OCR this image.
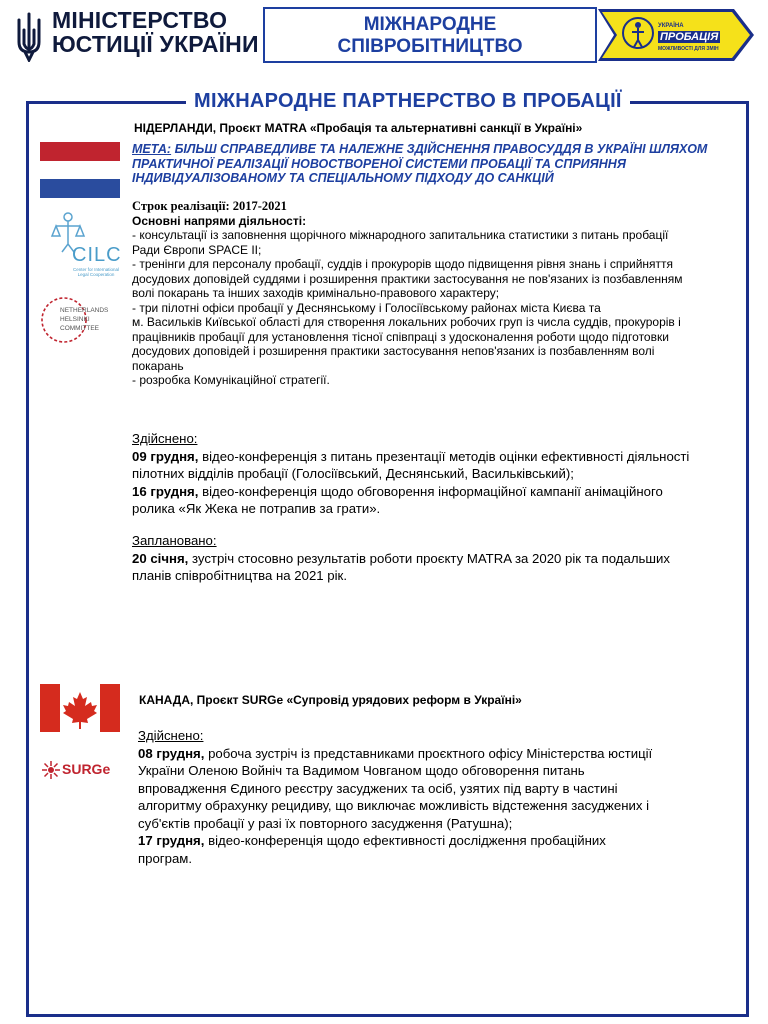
МІНІСТЕРСТВО
ЮСТИЦІЇ УКРАЇНИ
МІЖНАРОДНЕ
СПІВРОБІТНИЦТВО
УКРАЇНА
ПРОБАЦІЯ
МОЖЛИВОСТІ ДЛЯ ЗМІН
МІЖНАРОДНЕ ПАРТНЕРСТВО В ПРОБАЦІЇ
НІДЕРЛАНДИ, Проєкт MATRA «Пробація та альтернативні санкції в Україні»
МЕТА: БІЛЬШ СПРАВЕДЛИВЕ ТА НАЛЕЖНЕ ЗДІЙСНЕННЯ ПРАВОСУДДЯ В УКРАЇНІ ШЛЯХОМ
ПРАКТИЧНОЇ РЕАЛІЗАЦІЇ НОВОСТВОРЕНОЇ СИСТЕМИ ПРОБАЦІЇ ТА СПРИЯННЯ
ІНДИВІДУАЛІЗОВАНОМУ ТА СПЕЦІАЛЬНОМУ ПІДХОДУ ДО САНКЦІЙ
CILC
Center for International Legal Cooperation
NETHERLANDS
HELSINKI
COMMITTEE
Строк реалізації: 2017-2021
Основні напрями діяльності:
- консультації із заповнення щорічного міжнародного запитальника статистики з питань пробації
Ради Європи SPACE ІІ;
- тренінги для персоналу пробації, суддів і прокурорів щодо підвищення рівня знань і сприйняття
досудових доповідей суддями і розширення практики застосування не пов'язаних із позбавленням
волі покарань та інших заходів кримінально-правового характеру;
- три пілотні офіси пробації у Деснянському і Голосіївському районах міста Києва та
м. Васильків Київської області для створення локальних робочих груп із числа суддів, прокурорів і
працівників пробації для установлення тісної співпраці з удосконалення роботи щодо підготовки
досудових доповідей і розширення практики застосування непов'язаних із позбавленням волі
покарань
- розробка Комунікаційної стратегії.
Здійснено:
09 грудня, відео-конференція з питань презентації методів оцінки ефективності діяльності
пілотних відділів пробації (Голосіївський, Деснянський, Васильківський);
16 грудня, відео-конференція щодо обговорення інформаційної кампанії анімаційного
ролика «Як Жека не потрапив за грати».
Заплановано:
20 січня, зустріч стосовно результатів роботи проєкту MATRA за 2020 рік та подальших
планів співробітництва на 2021 рік.
КАНАДА, Проєкт SURGe «Супровід урядових реформ в Україні»
SURGe
Здійснено:
08 грудня, робоча зустріч із представниками проєктного офісу Міністерства юстиції
України Оленою Войніч та Вадимом Човганом щодо обговорення питань
впровадження Єдиного реєстру засуджених та осіб, узятих під варту в частині
алгоритму обрахунку рецидиву, що виключає можливість відстеження засуджених і
суб'єктів пробації у разі їх повторного засудження (Ратушна);
17 грудня, відео-конференція щодо ефективності дослідження пробаційних
програм.
